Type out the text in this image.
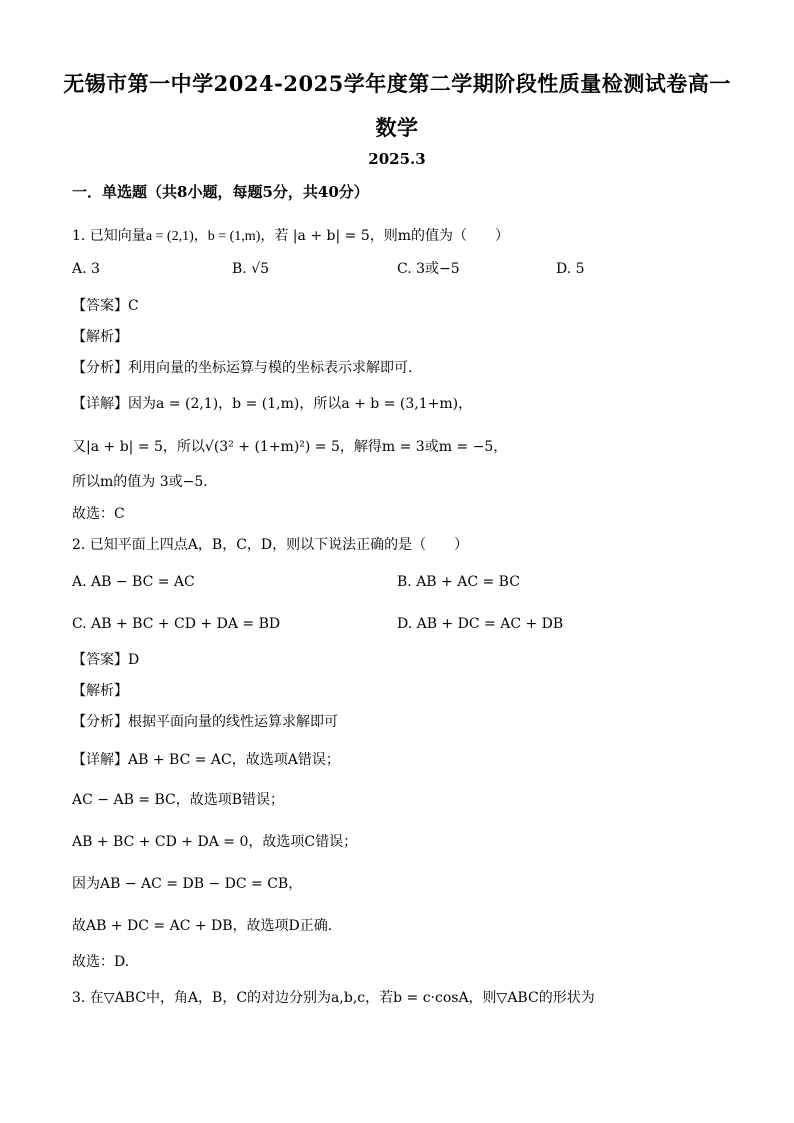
无锡市第一中学2024-2025学年度第二学期阶段性质量检测试卷高一
数学
2025.3
一．单选题（共8小题，每题5分，共40分）
1. 已知向量a = (2,1)，b = (1,m)，若 |a + b| = 5，则m的值为（　　）
A. 3	B. √5	C. 3或−5	D. 5
【答案】C
【解析】
【分析】利用向量的坐标运算与模的坐标表示求解即可.
【详解】因为a = (2,1)，b = (1,m)，所以a + b = (3,1+m)，
又|a + b| = 5，所以√(3² + (1+m)²) = 5，解得m = 3或m = −5，
所以m的值为 3或−5.
故选：C
2. 已知平面上四点A，B，C，D，则以下说法正确的是（　　）
A. AB − BC = AC	B. AB + AC = BC
C. AB + BC + CD + DA = BD	D. AB + DC = AC + DB
【答案】D
【解析】
【分析】根据平面向量的线性运算求解即可
【详解】AB + BC = AC，故选项A错误；
AC − AB = BC，故选项B错误；
AB + BC + CD + DA = 0，故选项C错误；
因为AB − AC = DB − DC = CB，
故AB + DC = AC + DB，故选项D正确.
故选：D.
3. 在▽ABC中，角A，B，C的对边分别为a,b,c，若b = c·cosA，则▽ABC的形状为
